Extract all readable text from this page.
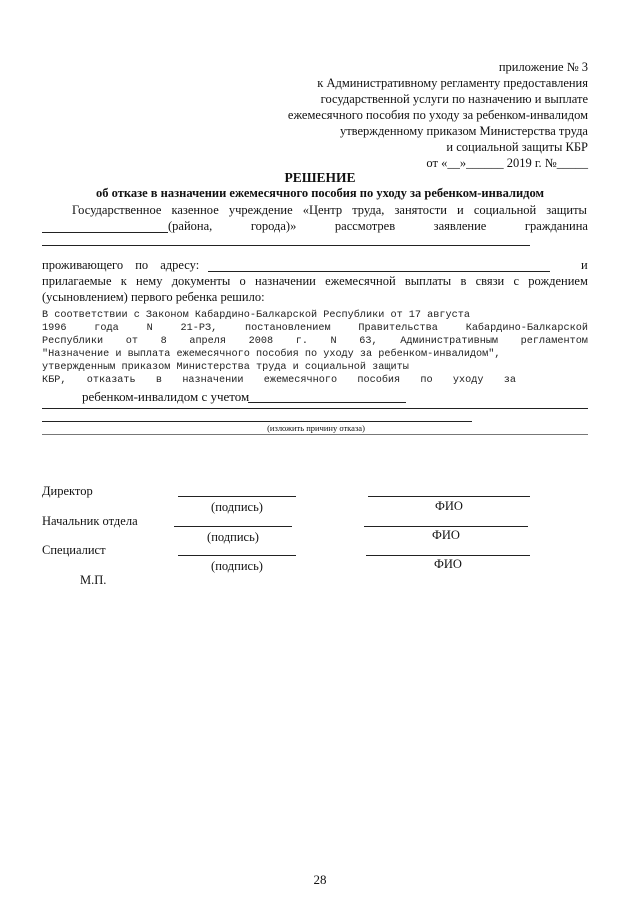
приложение № 3
к Административному регламенту предоставления
государственной услуги по назначению и выплате
ежемесячного пособия по уходу за ребенком-инвалидом
утвержденному приказом Министерства труда
и социальной защиты КБР
от «__»______ 2019 г. №_____
РЕШЕНИЕ
об отказе в назначении ежемесячного пособия по уходу за ребенком-инвалидом
Государственное казенное учреждение «Центр труда, занятости и социальной защиты
(района,	города)»	рассмотрев	заявление	гражданина
проживающего по адресу:	и
прилагаемые к нему документы о назначении ежемесячной выплаты в связи с рождением
(усыновлением) первого ребенка решило:
В соответствии с Законом Кабардино-Балкарской Республики от 17 августа
1996	года	N	21-РЗ,	постановлением	Правительства	Кабардино-Балкарской
Республики от 8 апреля 2008 г. N 63, Административным регламентом
"Назначение и выплата ежемесячного пособия по уходу за ребенком-инвалидом",
утвержденным приказом Министерства труда и социальной защиты
КБР, отказать в назначении ежемесячного пособия по уходу за
ребенком-инвалидом с учетом
(изложить причину отказа)
Директор
(подпись)	ФИО
Начальник отдела
(подпись)	ФИО
Специалист
(подпись)	ФИО
М.П.
28
